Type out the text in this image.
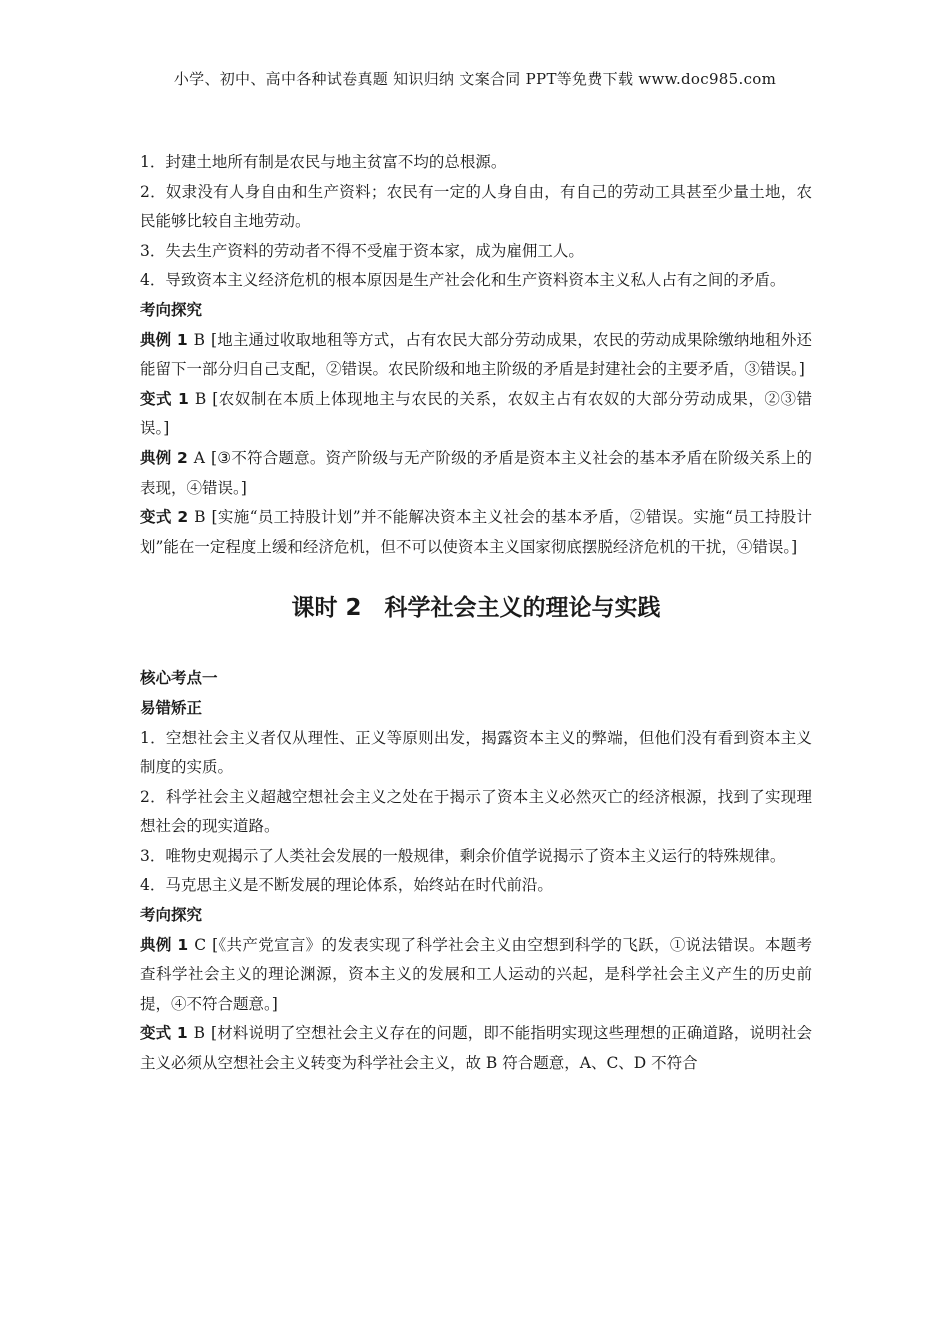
小学、初中、高中各种试卷真题 知识归纳 文案合同 PPT等免费下载 www.doc985.com

1．封建土地所有制是农民与地主贫富不均的总根源。

2．奴隶没有人身自由和生产资料；农民有一定的人身自由，有自己的劳动工具甚至少量土地，农民能够比较自主地劳动。

3．失去生产资料的劳动者不得不受雇于资本家，成为雇佣工人。

4．导致资本主义经济危机的根本原因是生产社会化和生产资料资本主义私人占有之间的矛盾。

考向探究

典例 1 B [地主通过收取地租等方式，占有农民大部分劳动成果，农民的劳动成果除缴纳地租外还能留下一部分归自己支配，②错误。农民阶级和地主阶级的矛盾是封建社会的主要矛盾，③错误。]

变式 1 B [农奴制在本质上体现地主与农民的关系，农奴主占有农奴的大部分劳动成果，②③错误。]

典例 2 A [③不符合题意。资产阶级与无产阶级的矛盾是资本主义社会的基本矛盾在阶级关系上的表现，④错误。]

变式 2 B [实施“员工持股计划”并不能解决资本主义社会的基本矛盾，②错误。实施“员工持股计划”能在一定程度上缓和经济危机，但不可以使资本主义国家彻底摆脱经济危机的干扰，④错误。]

课时 2　科学社会主义的理论与实践

核心考点一

易错矫正

1．空想社会主义者仅从理性、正义等原则出发，揭露资本主义的弊端，但他们没有看到资本主义制度的实质。

2．科学社会主义超越空想社会主义之处在于揭示了资本主义必然灭亡的经济根源，找到了实现理想社会的现实道路。

3．唯物史观揭示了人类社会发展的一般规律，剩余价值学说揭示了资本主义运行的特殊规律。

4．马克思主义是不断发展的理论体系，始终站在时代前沿。

考向探究

典例 1 C [《共产党宣言》的发表实现了科学社会主义由空想到科学的飞跃，①说法错误。本题考查科学社会主义的理论渊源，资本主义的发展和工人运动的兴起，是科学社会主义产生的历史前提，④不符合题意。]

变式 1 B [材料说明了空想社会主义存在的问题，即不能指明实现这些理想的正确道路，说明社会主义必须从空想社会主义转变为科学社会主义，故 B 符合题意，A、C、D 不符合
